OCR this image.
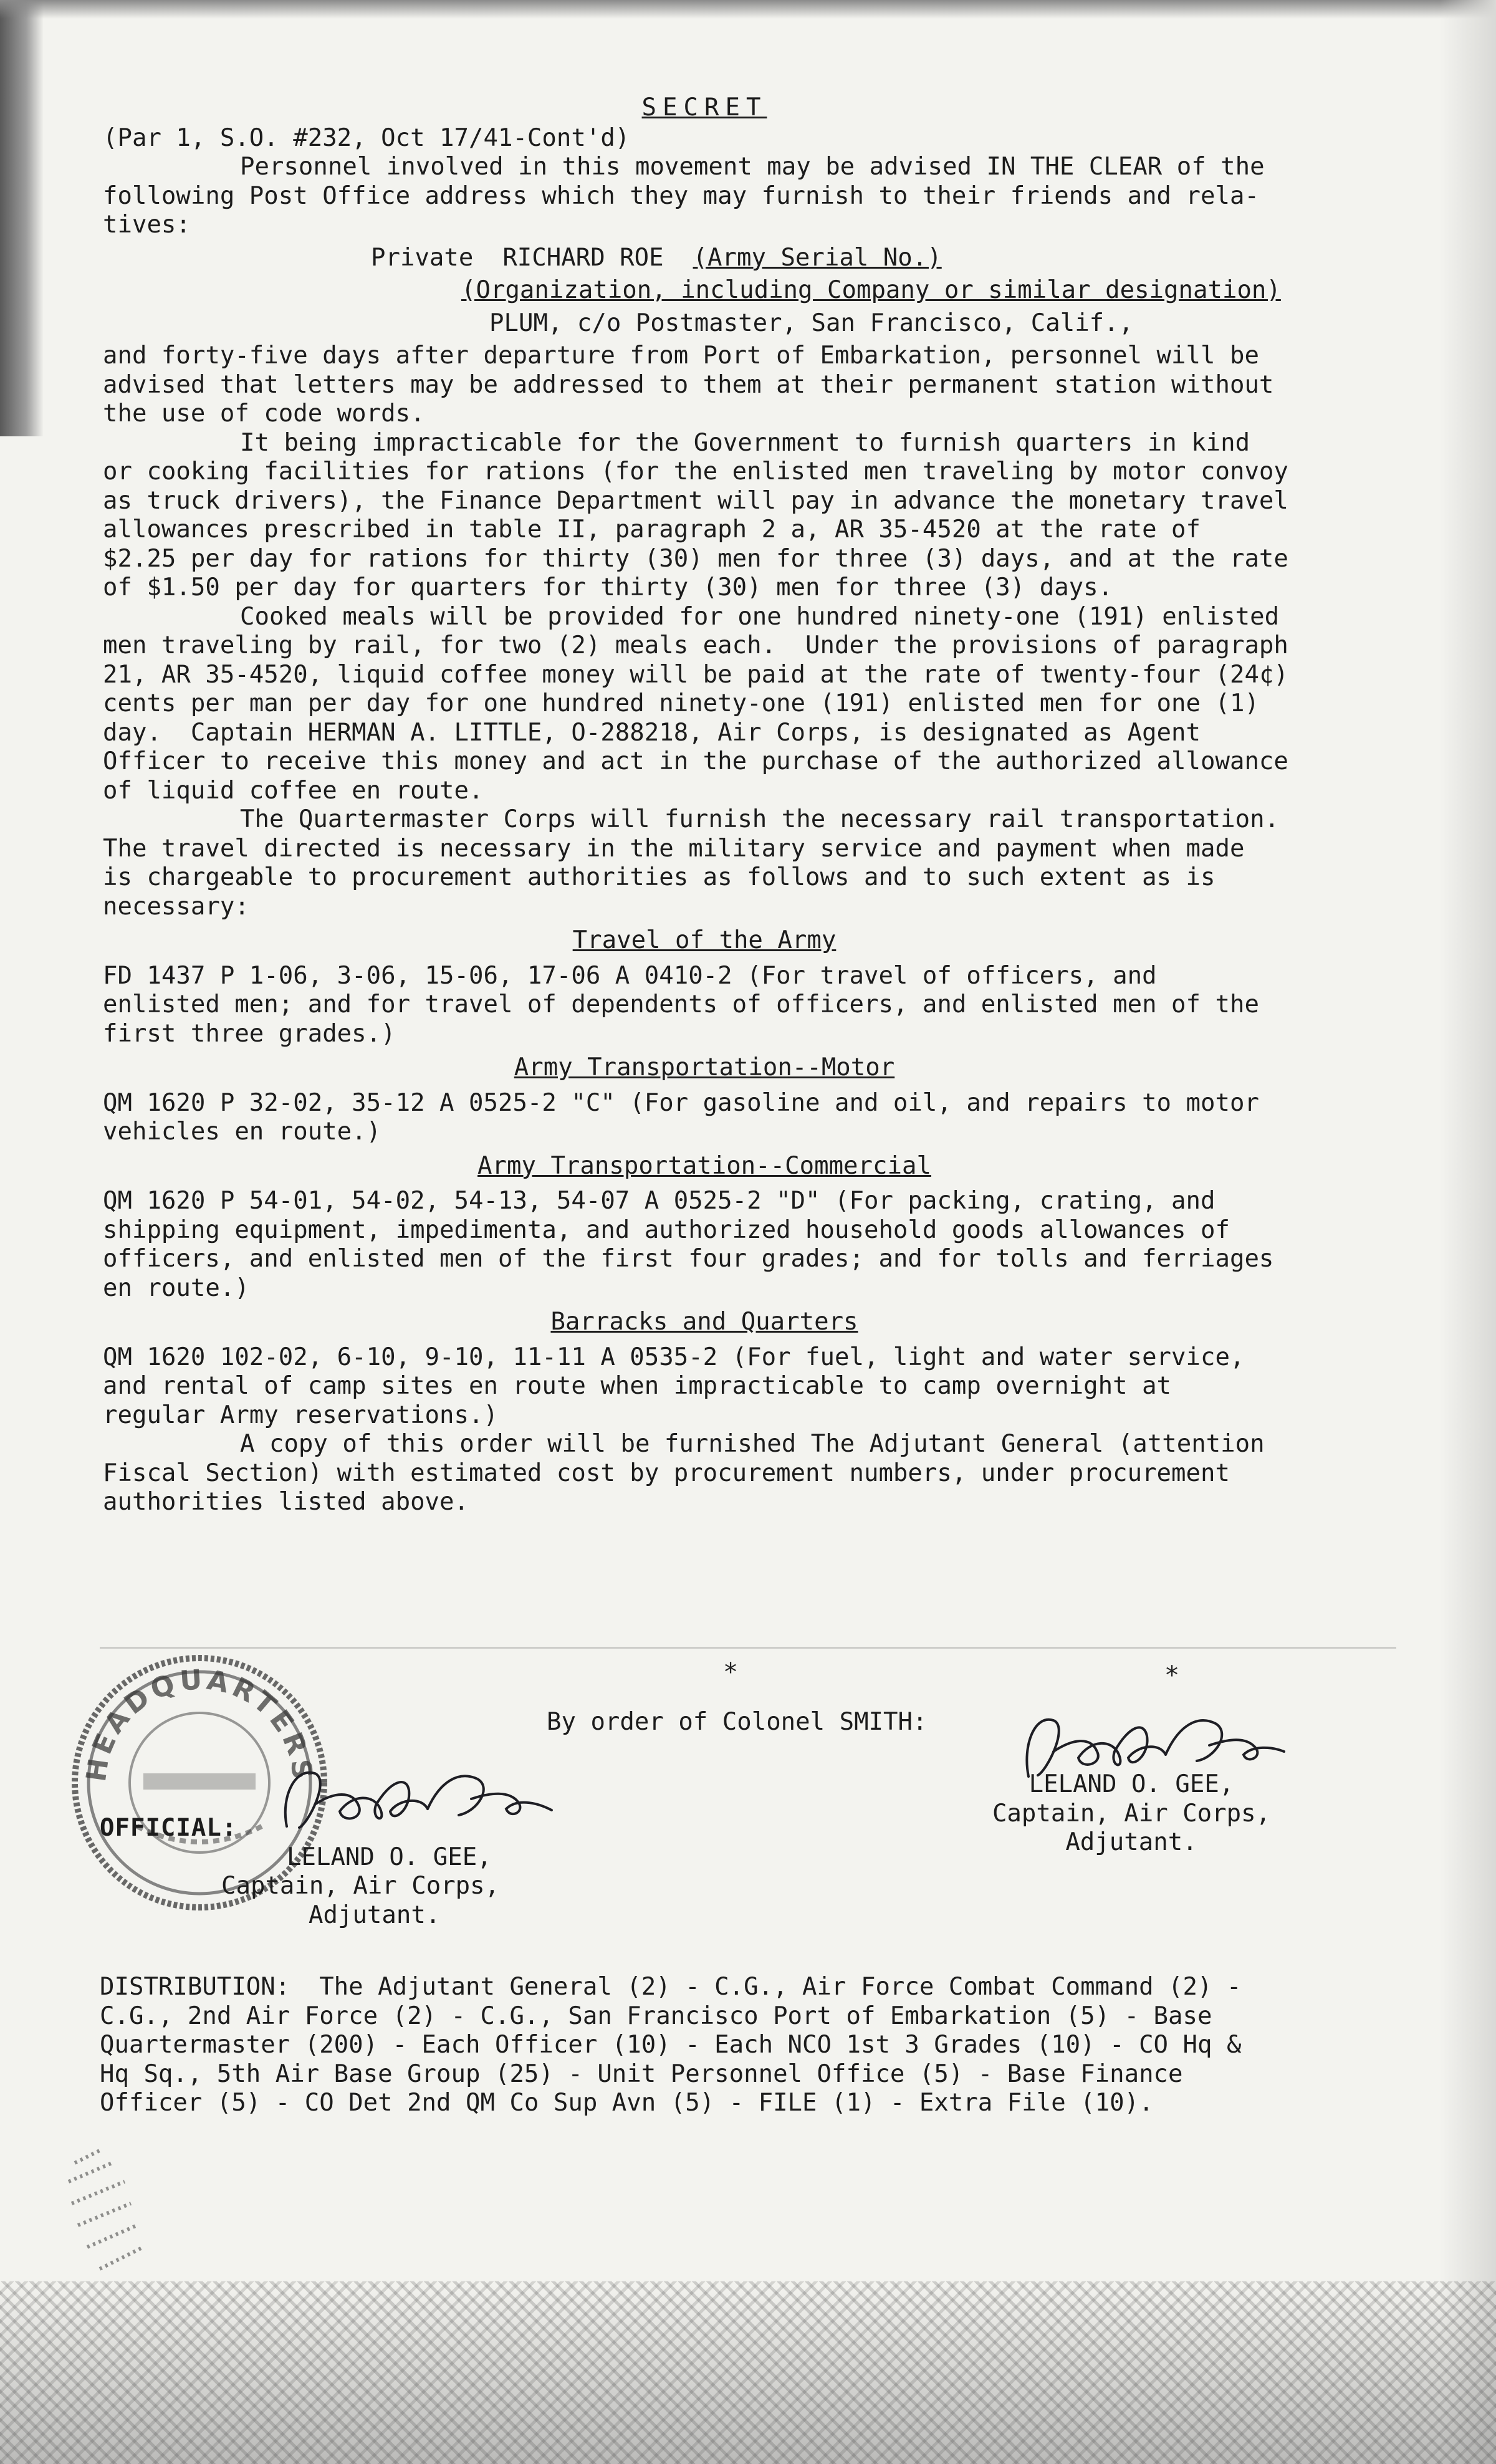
SECRET
(Par 1, S.O. #232, Oct 17/41-Cont'd)
Personnel involved in this movement may be advised IN THE CLEAR of the
following Post Office address which they may furnish to their friends and rela-
tives:
Private  RICHARD ROE  (Army Serial No.)
(Organization, including Company or similar designation)
PLUM, c/o Postmaster, San Francisco, Calif.,
and forty-five days after departure from Port of Embarkation, personnel will be
advised that letters may be addressed to them at their permanent station without
the use of code words.
It being impracticable for the Government to furnish quarters in kind
or cooking facilities for rations (for the enlisted men traveling by motor convoy
as truck drivers), the Finance Department will pay in advance the monetary travel
allowances prescribed in table II, paragraph 2 a, AR 35-4520 at the rate of
$2.25 per day for rations for thirty (30) men for three (3) days, and at the rate
of $1.50 per day for quarters for thirty (30) men for three (3) days.
Cooked meals will be provided for one hundred ninety-one (191) enlisted
men traveling by rail, for two (2) meals each.  Under the provisions of paragraph
21, AR 35-4520, liquid coffee money will be paid at the rate of twenty-four (24¢)
cents per man per day for one hundred ninety-one (191) enlisted men for one (1)
day.  Captain HERMAN A. LITTLE, O-288218, Air Corps, is designated as Agent
Officer to receive this money and act in the purchase of the authorized allowance
of liquid coffee en route.
The Quartermaster Corps will furnish the necessary rail transportation.
The travel directed is necessary in the military service and payment when made
is chargeable to procurement authorities as follows and to such extent as is
necessary:
Travel of the Army
FD 1437 P 1-06, 3-06, 15-06, 17-06 A 0410-2 (For travel of officers, and
enlisted men; and for travel of dependents of officers, and enlisted men of the
first three grades.)
Army Transportation--Motor
QM 1620 P 32-02, 35-12 A 0525-2 "C" (For gasoline and oil, and repairs to motor
vehicles en route.)
Army Transportation--Commercial
QM 1620 P 54-01, 54-02, 54-13, 54-07 A 0525-2 "D" (For packing, crating, and
shipping equipment, impedimenta, and authorized household goods allowances of
officers, and enlisted men of the first four grades; and for tolls and ferriages
en route.)
Barracks and Quarters
QM 1620 102-02, 6-10, 9-10, 11-11 A 0535-2 (For fuel, light and water service,
and rental of camp sites en route when impracticable to camp overnight at
regular Army reservations.)
A copy of this order will be furnished The Adjutant General (attention
Fiscal Section) with estimated cost by procurement numbers, under procurement
authorities listed above.
*	*
By order of Colonel SMITH:
LELAND O. GEE,
Captain, Air Corps,
Adjutant.
HEADQUARTERS
OFFICIAL:
LELAND O. GEE,
Captain, Air Corps,
Adjutant.
DISTRIBUTION:  The Adjutant General (2) - C.G., Air Force Combat Command (2) -
C.G., 2nd Air Force (2) - C.G., San Francisco Port of Embarkation (5) - Base
Quartermaster (200) - Each Officer (10) - Each NCO 1st 3 Grades (10) - CO Hq &
Hq Sq., 5th Air Base Group (25) - Unit Personnel Office (5) - Base Finance
Officer (5) - CO Det 2nd QM Co Sup Avn (5) - FILE (1) - Extra File (10).
